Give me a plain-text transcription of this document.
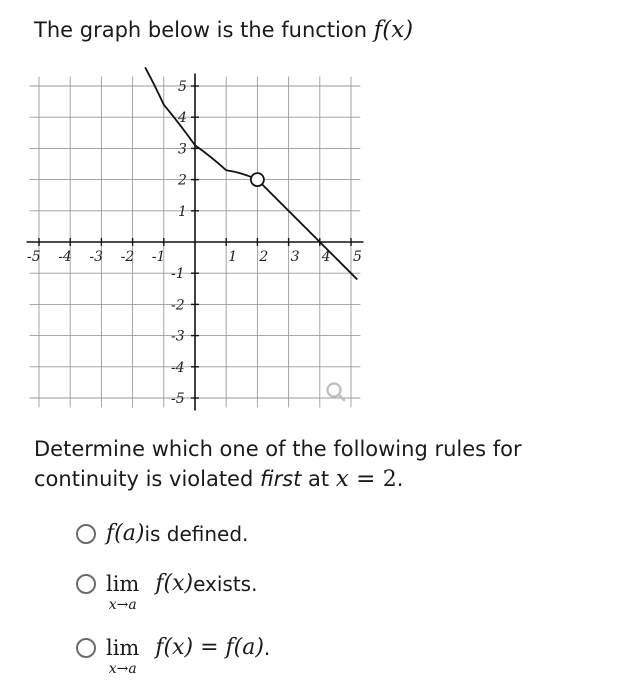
The graph below is the function f(x)
-5 -4 -3 -2 -1	1 2 3 4 5
5
4
3
2
1
-1
-2
-3
-4
-5
Determine which one of the following rules for
continuity is violated first at x = 2.
f(a) is defined.
lim
x→a
f(x) exists.
lim
x→a
f(x) = f(a) .
